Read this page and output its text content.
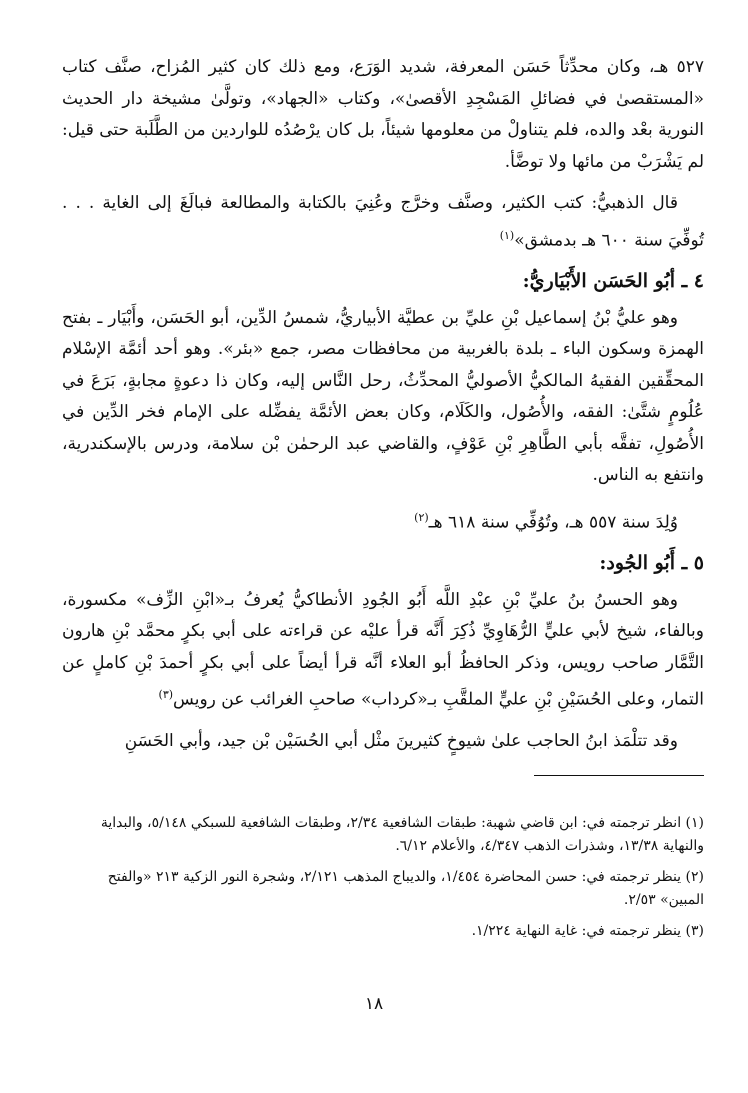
٥٢٧ هـ، وكان محدِّثاً حَسَن المعرفة، شديد الوَرَع، ومع ذلك كان كثير المُزاح، صنَّف كتاب «المستقصىٰ في فضائلِ المَسْجِدِ الأقصىٰ»، وكتاب «الجهاد»، وتولَّىٰ مشيخة دار الحديث النورية بعْد والده، فلم يتناولْ من معلومها شيئاً، بل كان يرْصُدُه للواردين من الطَّلَبة حتى قيل: لم يَشْرَبْ من مائها ولا توضَّأ.

قال الذهبيُّ: كتب الكثير، وصنَّف وخرَّج وعُنِيَ بالكتابة والمطالعة فبالَغَ إلى الغاية . . . تُوفِّيَ سنة ٦٠٠ هـ بدمشق»$^{(١)}$

٤ ـ أبُو الحَسَن الأَبْيَاريُّ:

وهو عليُّ بْنُ إسماعيل بْنِ عليِّ بن عطيَّة الأبياريُّ، شمسُ الدِّين، أبو الحَسَن، وأَبْيَار ـ بفتح الهمزة وسكون الباء ـ بلدة بالغربية من محافظات مصر، جمع «بئر». وهو أحد أئمَّة الإسْلام المحقِّقين الفقيهُ المالكيُّ الأصوليُّ المحدِّثُ، رحل النَّاس إليه، وكان ذا دعوةٍ مجابةٍ، بَرَعَ في عُلُومٍ شتَّىٰ: الفقه، والأُصُول، والكَلَام، وكان بعض الأئمَّة يفضِّله على الإمام فخر الدِّين في الأُصُولِ، تفقَّه بأبي الطَّاهِرِ بْنِ عَوْفٍ، والقاضي عبد الرحمٰن بْن سلامة، ودرس بالإسكندرية، وانتفع به الناس.

وُلِدَ سنة ٥٥٧ هـ، وتُوُفِّي سنة ٦١٨ هـ$^{(٢)}$

٥ ـ أَبُو الجُود:

وهو الحسنُ بنُ عليِّ بْنِ عبْدِ اللَّه أَبُو الجُودِ الأنطاكيُّ يُعرفُ بـ«ابْنِ الزِّف» مكسورة، وبالفاء، شيخ لأبي عليٍّ الرُّهَاوِيِّ ذُكِرَ أَنَّه قرأ عليْه عن قراءته على أبي بكرٍ محمَّد بْنِ هارون التَّمَّار صاحب رويس، وذكر الحافظُ أبو العلاء أنَّه قرأ أيضاً على أبي بكرٍ أحمدَ بْنِ كاملٍ عن التمار، وعلى الحُسَيْنِ بْنِ عليٍّ الملقَّبِ بـ«كرداب» صاحبِ الغرائب عن رويس$^{(٣)}$

وقد تتلْمَذ ابنُ الحاجب علىٰ شيوخٍ كثيرينَ مثْل أبي الحُسَيْن بْن جيد، وأبي الحَسَنِ

(١) انظر ترجمته في: ابن قاضي شهبة: طبقات الشافعية ٢/٣٤، وطبقات الشافعية للسبكي ٥/١٤٨، والبداية والنهاية ١٣/٣٨، وشذرات الذهب ٤/٣٤٧، والأعلام ٦/١٢.

(٢) ينظر ترجمته في: حسن المحاضرة ١/٤٥٤، والديباج المذهب ٢/١٢١، وشجرة النور الزكية ٢١٣ «والفتح المبين» ٢/٥٣.

(٣) ينظر ترجمته في: غاية النهاية ١/٢٢٤.

١٨
